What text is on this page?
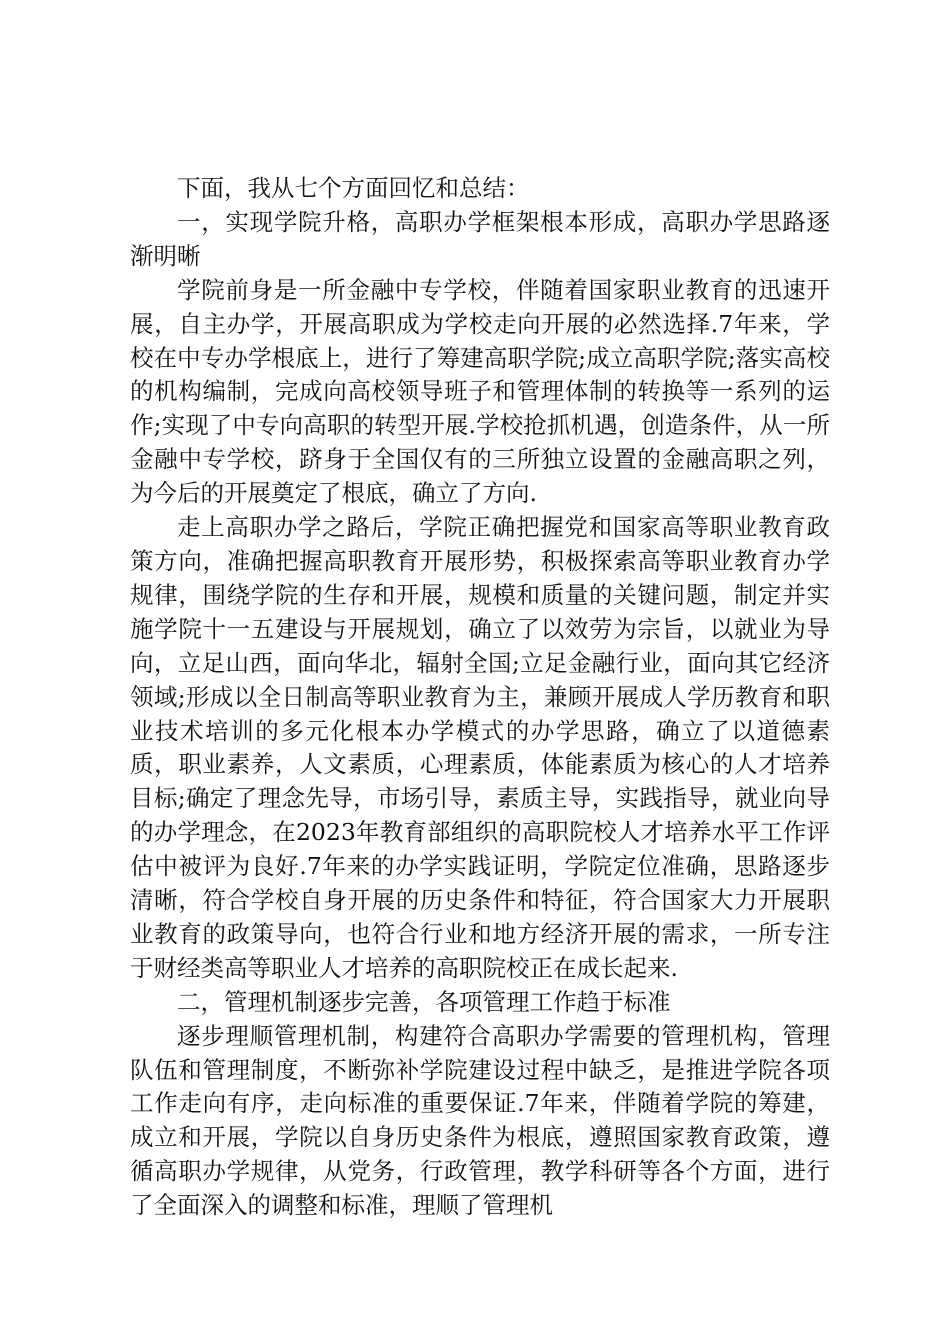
下面，我从七个方面回忆和总结：

一，实现学院升格，高职办学框架根本形成，高职办学思路逐渐明晰

学院前身是一所金融中专学校，伴随着国家职业教育的迅速开展，自主办学，开展高职成为学校走向开展的必然选择.7年来，学校在中专办学根底上，进行了筹建高职学院;成立高职学院;落实高校的机构编制，完成向高校领导班子和管理体制的转换等一系列的运作;实现了中专向高职的转型开展.学校抢抓机遇，创造条件，从一所金融中专学校，跻身于全国仅有的三所独立设置的金融高职之列，为今后的开展奠定了根底，确立了方向.

走上高职办学之路后，学院正确把握党和国家高等职业教育政策方向，准确把握高职教育开展形势，积极探索高等职业教育办学规律，围绕学院的生存和开展，规模和质量的关键问题，制定并实施学院十一五建设与开展规划，确立了以效劳为宗旨，以就业为导向，立足山西，面向华北，辐射全国;立足金融行业，面向其它经济领域;形成以全日制高等职业教育为主，兼顾开展成人学历教育和职业技术培训的多元化根本办学模式的办学思路，确立了以道德素质，职业素养，人文素质，心理素质，体能素质为核心的人才培养目标;确定了理念先导，市场引导，素质主导，实践指导，就业向导的办学理念，在2023年教育部组织的高职院校人才培养水平工作评估中被评为良好.7年来的办学实践证明，学院定位准确，思路逐步清晰，符合学校自身开展的历史条件和特征，符合国家大力开展职业教育的政策导向，也符合行业和地方经济开展的需求，一所专注于财经类高等职业人才培养的高职院校正在成长起来.

二，管理机制逐步完善，各项管理工作趋于标准

逐步理顺管理机制，构建符合高职办学需要的管理机构，管理队伍和管理制度，不断弥补学院建设过程中缺乏，是推进学院各项工作走向有序，走向标准的重要保证.7年来，伴随着学院的筹建，成立和开展，学院以自身历史条件为根底，遵照国家教育政策，遵循高职办学规律，从党务，行政管理，教学科研等各个方面，进行了全面深入的调整和标准，理顺了管理机
